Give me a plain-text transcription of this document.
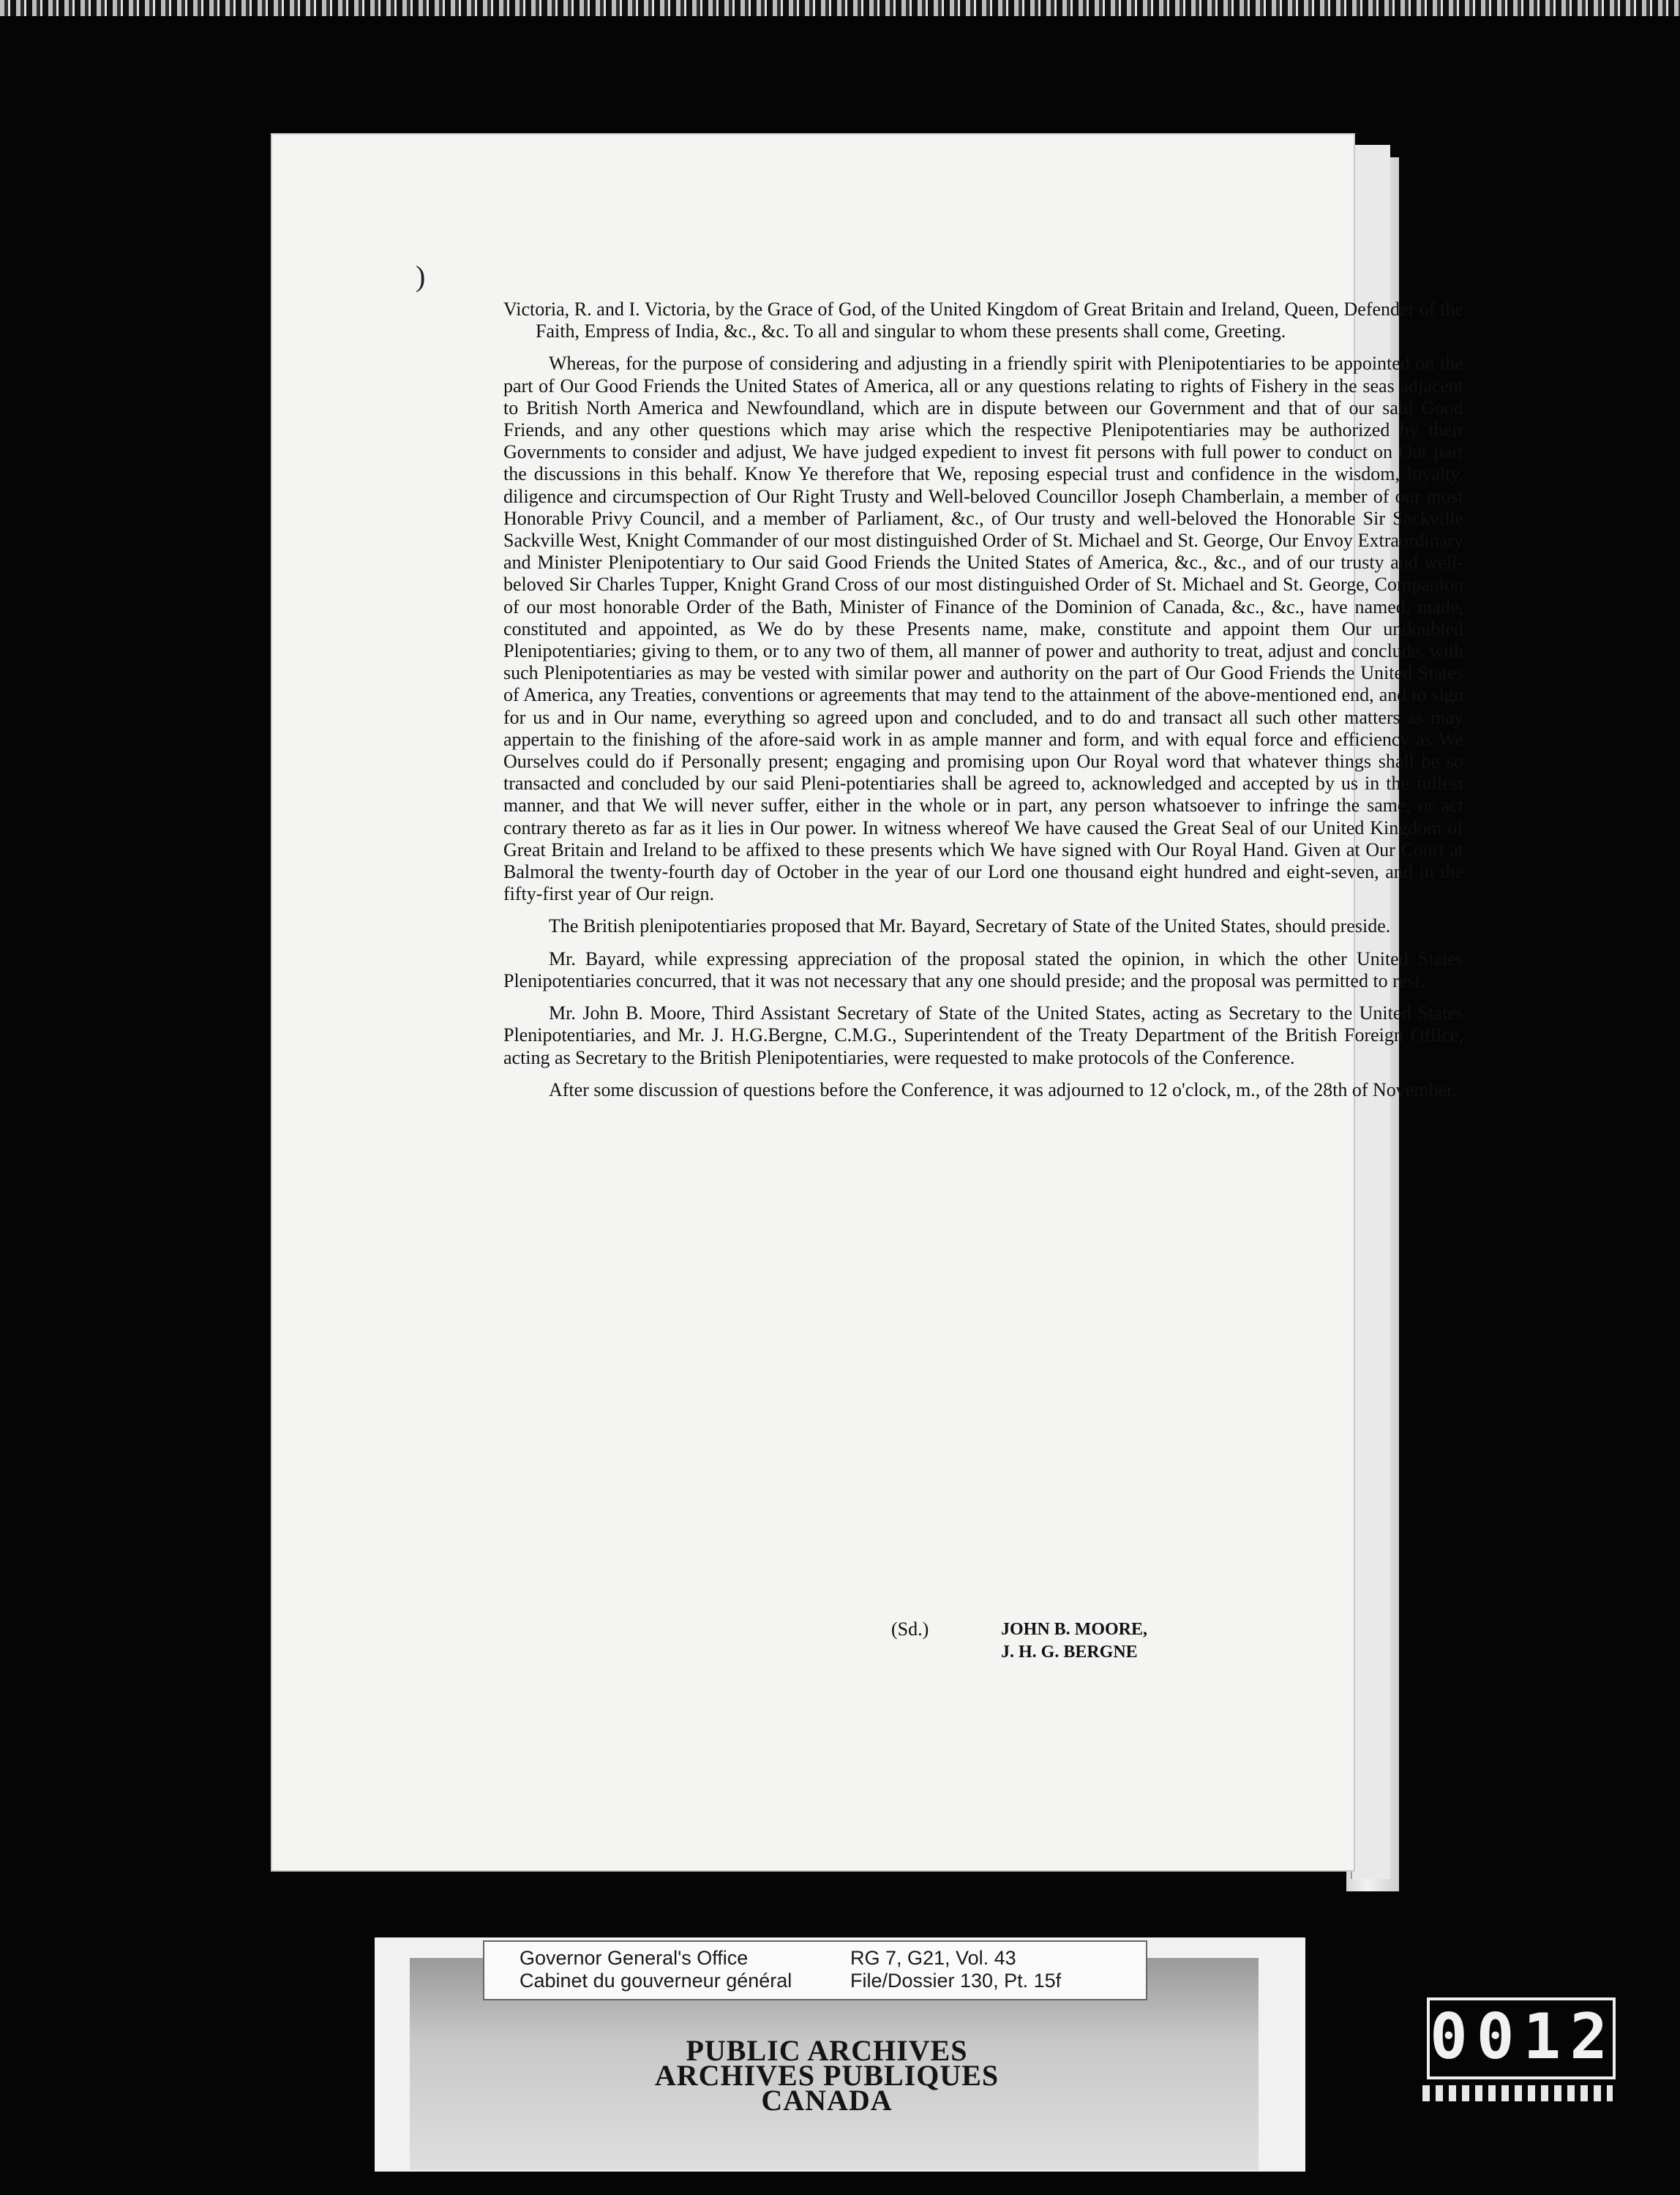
)

Victoria, R. and I. Victoria, by the Grace of God, of the United Kingdom of Great Britain and Ireland, Queen, Defender of the Faith, Empress of India, &c., &c. To all and singular to whom these presents shall come, Greeting.

Whereas, for the purpose of considering and adjusting in a friendly spirit with Plenipotentiaries to be appointed on the part of Our Good Friends the United States of America, all or any questions relating to rights of Fishery in the seas adjacent to British North America and Newfoundland, which are in dispute between our Government and that of our said Good Friends, and any other questions which may arise which the respective Plenipotentiaries may be authorized by their Governments to consider and adjust, We have judged expedient to invest fit persons with full power to conduct on Our part the discussions in this behalf. Know Ye therefore that We, reposing especial trust and confidence in the wisdom, loyalty, diligence and circumspection of Our Right Trusty and Well-beloved Councillor Joseph Chamberlain, a member of our most Honorable Privy Council, and a member of Parliament, &c., of Our trusty and well-beloved the Honorable Sir Sackville Sackville West, Knight Commander of our most distinguished Order of St. Michael and St. George, Our Envoy Extraordinary and Minister Plenipotentiary to Our said Good Friends the United States of America, &c., &c., and of our trusty and well-beloved Sir Charles Tupper, Knight Grand Cross of our most distinguished Order of St. Michael and St. George, Companion of our most honorable Order of the Bath, Minister of Finance of the Dominion of Canada, &c., &c., have named, made, constituted and appointed, as We do by these Presents name, make, constitute and appoint them Our undoubted Plenipotentiaries; giving to them, or to any two of them, all manner of power and authority to treat, adjust and conclude, with such Plenipotentiaries as may be vested with similar power and authority on the part of Our Good Friends the United States of America, any Treaties, conventions or agreements that may tend to the attainment of the above-mentioned end, and to sign for us and in Our name, everything so agreed upon and concluded, and to do and transact all such other matters as may appertain to the finishing of the afore-said work in as ample manner and form, and with equal force and efficiency as We Ourselves could do if Personally present; engaging and promising upon Our Royal word that whatever things shall be so transacted and concluded by our said Pleni-potentiaries shall be agreed to, acknowledged and accepted by us in the fullest manner, and that We will never suffer, either in the whole or in part, any person whatsoever to infringe the same, or act contrary thereto as far as it lies in Our power. In witness whereof We have caused the Great Seal of our United Kingdom of Great Britain and Ireland to be affixed to these presents which We have signed with Our Royal Hand. Given at Our Court at Balmoral the twenty-fourth day of October in the year of our Lord one thousand eight hundred and eight-seven, and in the fifty-first year of Our reign.

The British plenipotentiaries proposed that Mr. Bayard, Secretary of State of the United States, should preside.

Mr. Bayard, while expressing appreciation of the proposal stated the opinion, in which the other United States Plenipotentiaries concurred, that it was not necessary that any one should preside; and the proposal was permitted to rest.

Mr. John B. Moore, Third Assistant Secretary of State of the United States, acting as Secretary to the United States Plenipotentiaries, and Mr. J. H.G.Bergne, C.M.G., Superintendent of the Treaty Department of the British Foreign Office, acting as Secretary to the British Plenipotentiaries, were requested to make protocols of the Conference.

After some discussion of questions before the Conference, it was adjourned to 12 o'clock, m., of the 28th of November.

(Sd.)	JOHN B. MOORE,
J. H. G. BERGNE
Governor General's Office
Cabinet du gouverneur général
RG 7, G21, Vol. 43
File/Dossier 130, Pt. 15f
PUBLIC ARCHIVES
ARCHIVES PUBLIQUES
CANADA
0012
